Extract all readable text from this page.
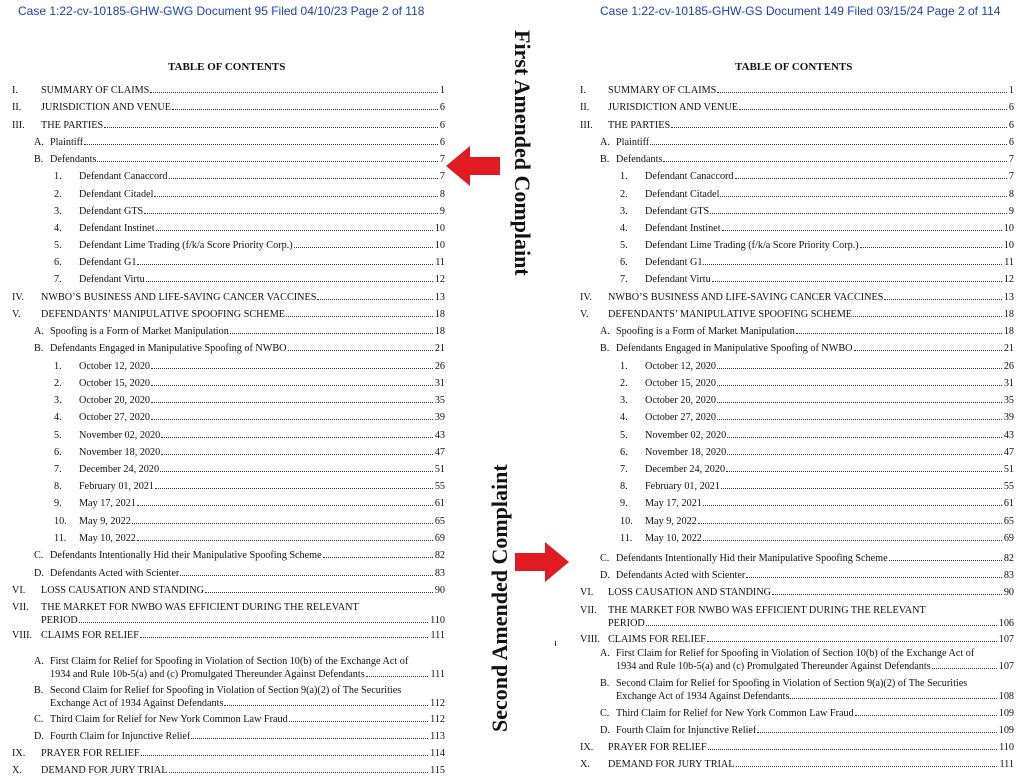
Case 1:22-cv-10185-GHW-GWG Document 95 Filed 04/10/23 Page 2 of 118
TABLE OF CONTENTS
I. SUMMARY OF CLAIMS	1
II. JURISDICTION AND VENUE	6
III. THE PARTIES	6
A. Plaintiff	6
B. Defendants	7
1. Defendant Canaccord	7
2. Defendant Citadel	8
3. Defendant GTS	9
4. Defendant Instinet	10
5. Defendant Lime Trading (f/k/a Score Priority Corp.)	10
6. Defendant G1	11
7. Defendant Virtu	12
IV. NWBO’S BUSINESS AND LIFE-SAVING CANCER VACCINES	13
V. DEFENDANTS’ MANIPULATIVE SPOOFING SCHEME	18
A. Spoofing is a Form of Market Manipulation	18
B. Defendants Engaged in Manipulative Spoofing of NWBO	21
1. October 12, 2020	26
2. October 15, 2020	31
3. October 20, 2020	35
4. October 27, 2020	39
5. November 02, 2020	43
6. November 18, 2020	47
7. December 24, 2020	51
8. February 01, 2021	55
9. May 17, 2021	61
10. May 9, 2022	65
11. May 10, 2022	69
C. Defendants Intentionally Hid their Manipulative Spoofing Scheme	82
D. Defendants Acted with Scienter	83
VI. LOSS CAUSATION AND STANDING	90
VII. THE MARKET FOR NWBO WAS EFFICIENT DURING THE RELEVANT
PERIOD	110
VIII. CLAIMS FOR RELIEF	111
A. First Claim for Relief for Spoofing in Violation of Section 10(b) of the Exchange Act of
1934 and Rule 10b-5(a) and (c) Promulgated Thereunder Against Defendants	111
B. Second Claim for Relief for Spoofing in Violation of Section 9(a)(2) of The Securities
Exchange Act of 1934 Against Defendants	112
C. Third Claim for Relief for New York Common Law Fraud	112
D. Fourth Claim for Injunctive Relief	113
IX. PRAYER FOR RELIEF	114
X. DEMAND FOR JURY TRIAL	115
Case 1:22-cv-10185-GHW-GS Document 149 Filed 03/15/24 Page 2 of 114
TABLE OF CONTENTS
I. SUMMARY OF CLAIMS	1
II. JURISDICTION AND VENUE	6
III. THE PARTIES	6
A. Plaintiff	6
B. Defendants	7
1. Defendant Canaccord	7
2. Defendant Citadel	8
3. Defendant GTS	9
4. Defendant Instinet	10
5. Defendant Lime Trading (f/k/a Score Priority Corp.)	10
6. Defendant G1	11
7. Defendant Virtu	12
IV. NWBO’S BUSINESS AND LIFE-SAVING CANCER VACCINES	13
V. DEFENDANTS’ MANIPULATIVE SPOOFING SCHEME	18
A. Spoofing is a Form of Market Manipulation	18
B. Defendants Engaged in Manipulative Spoofing of NWBO	21
1. October 12, 2020	26
2. October 15, 2020	31
3. October 20, 2020	35
4. October 27, 2020	39
5. November 02, 2020	43
6. November 18, 2020	47
7. December 24, 2020	51
8. February 01, 2021	55
9. May 17, 2021	61
10. May 9, 2022	65
11. May 10, 2022	69
C. Defendants Intentionally Hid their Manipulative Spoofing Scheme	82
D. Defendants Acted with Scienter	83
VI. LOSS CAUSATION AND STANDING	90
VII. THE MARKET FOR NWBO WAS EFFICIENT DURING THE RELEVANT
PERIOD	106
VIII. CLAIMS FOR RELIEF	107
A. First Claim for Relief for Spoofing in Violation of Section 10(b) of the Exchange Act of
1934 and Rule 10b-5(a) and (c) Promulgated Thereunder Against Defendants	107
B. Second Claim for Relief for Spoofing in Violation of Section 9(a)(2) of The Securities
Exchange Act of 1934 Against Defendants	108
C. Third Claim for Relief for New York Common Law Fraud	109
D. Fourth Claim for Injunctive Relief	109
IX. PRAYER FOR RELIEF	110
X. DEMAND FOR JURY TRIAL	111
First Amended Complaint
Second Amended Complaint
